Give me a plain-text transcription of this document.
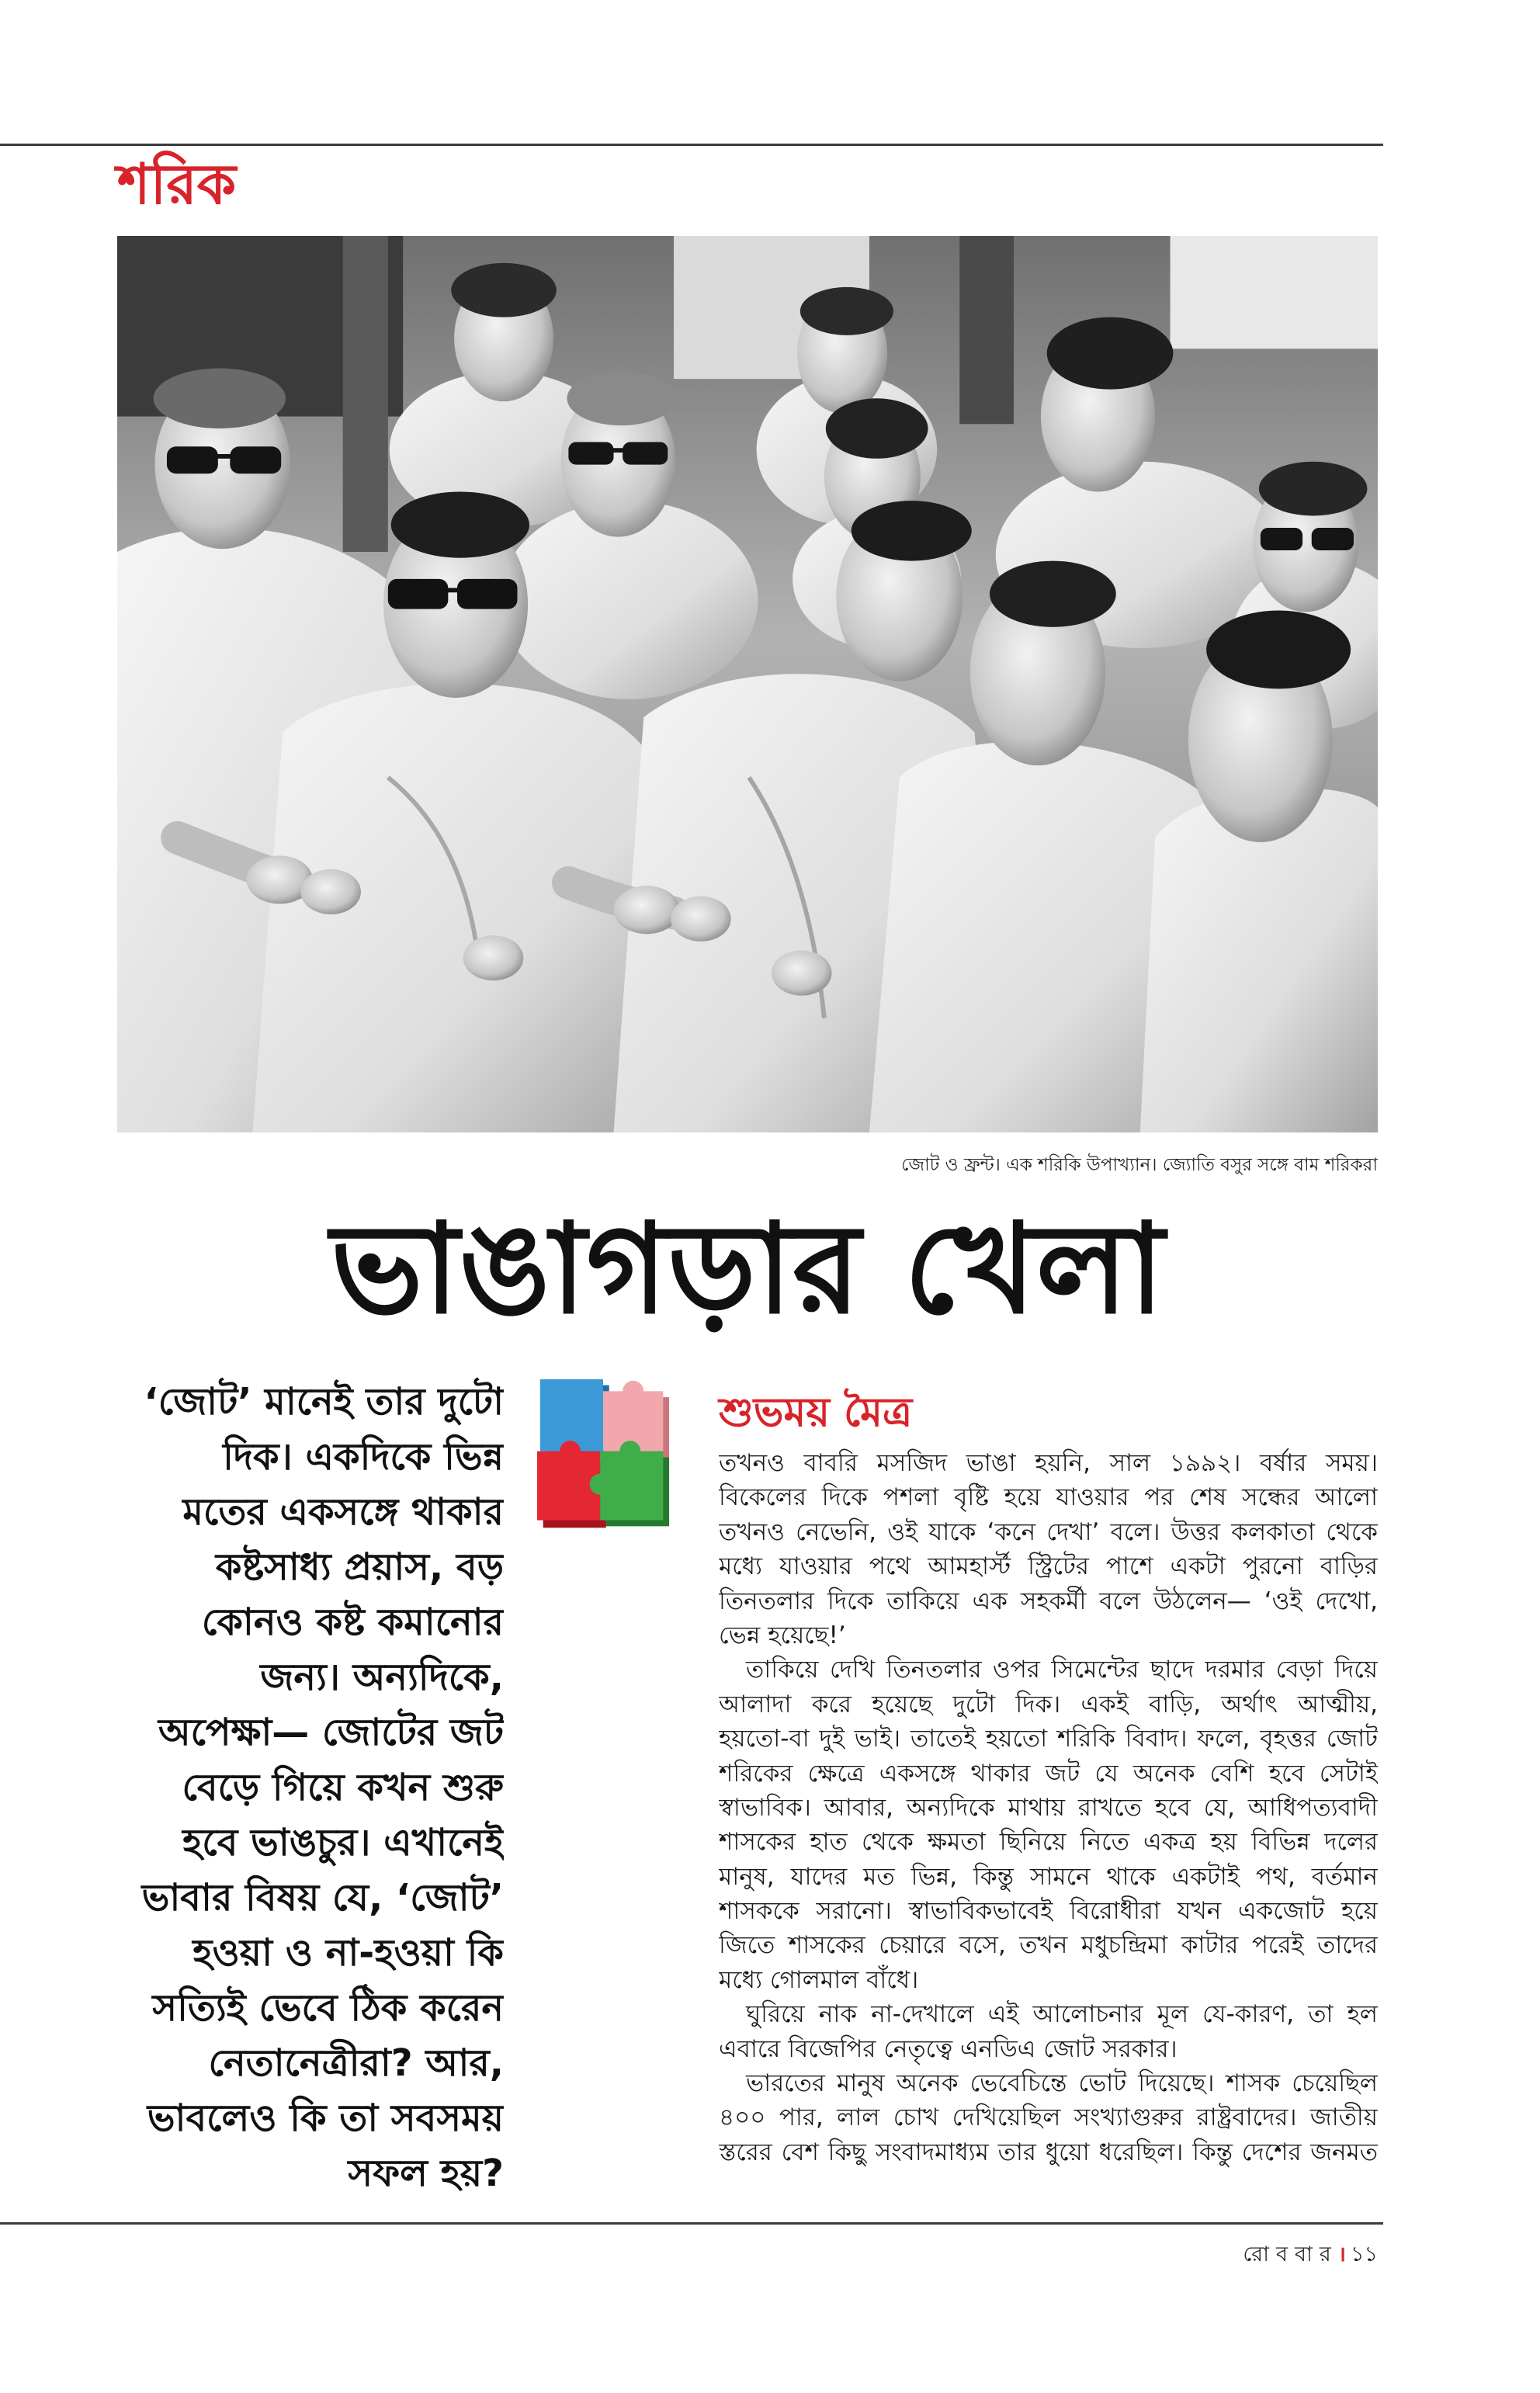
শরিক
জোট ও ফ্রন্ট। এক শরিকি উপাখ্যান। জ্যোতি বসুর সঙ্গে বাম শরিকরা
ভাঙাগড়ার খেলা
‘জোট’ মানেই তার দুটো
দিক। একদিকে ভিন্ন
মতের একসঙ্গে থাকার
কষ্টসাধ্য প্রয়াস, বড়
কোনও কষ্ট কমানোর
জন্য। অন্যদিকে,
অপেক্ষা— জোটের জট
বেড়ে গিয়ে কখন শুরু
হবে ভাঙচুর। এখানেই
ভাবার বিষয় যে, ‘জোট’
হওয়া ও না-হওয়া কি
সত্যিই ভেবে ঠিক করেন
নেতানেত্রীরা? আর,
ভাবলেও কি তা সবসময়
সফল হয়?
শুভময় মৈত্র
তখনও বাবরি মসজিদ ভাঙা হয়নি, সাল ১৯৯২। বর্ষার সময়।
বিকেলের দিকে পশলা বৃষ্টি হয়ে যাওয়ার পর শেষ সন্ধের আলো
তখনও নেভেনি, ওই যাকে ‘কনে দেখা’ বলে। উত্তর কলকাতা থেকে
মধ্যে যাওয়ার পথে আমহার্স্ট স্ট্রিটের পাশে একটা পুরনো বাড়ির
তিনতলার দিকে তাকিয়ে এক সহকর্মী বলে উঠলেন— ‘ওই দেখো,
ভেন্ন হয়েছে!’
তাকিয়ে দেখি তিনতলার ওপর সিমেন্টের ছাদে দরমার বেড়া দিয়ে
আলাদা করে হয়েছে দুটো দিক। একই বাড়ি, অর্থাৎ আত্মীয়,
হয়তো-বা দুই ভাই। তাতেই হয়তো শরিকি বিবাদ। ফলে, বৃহত্তর জোট
শরিকের ক্ষেত্রে একসঙ্গে থাকার জট যে অনেক বেশি হবে সেটাই
স্বাভাবিক। আবার, অন্যদিকে মাথায় রাখতে হবে যে, আধিপত্যবাদী
শাসকের হাত থেকে ক্ষমতা ছিনিয়ে নিতে একত্র হয় বিভিন্ন দলের
মানুষ, যাদের মত ভিন্ন, কিন্তু সামনে থাকে একটাই পথ, বর্তমান
শাসককে সরানো। স্বাভাবিকভাবেই বিরোধীরা যখন একজোট হয়ে
জিতে শাসকের চেয়ারে বসে, তখন মধুচন্দ্রিমা কাটার পরেই তাদের
মধ্যে গোলমাল বাঁধে।
ঘুরিয়ে নাক না-দেখালে এই আলোচনার মূল যে-কারণ, তা হল
এবারে বিজেপির নেতৃত্বে এনডিএ জোট সরকার।
ভারতের মানুষ অনেক ভেবেচিন্তে ভোট দিয়েছে। শাসক চেয়েছিল
৪০০ পার, লাল চোখ দেখিয়েছিল সংখ্যাগুরুর রাষ্ট্রবাদের। জাতীয়
স্তরের বেশ কিছু সংবাদমাধ্যম তার ধুয়ো ধরেছিল। কিন্তু দেশের জনমত
রোববার। ১১
